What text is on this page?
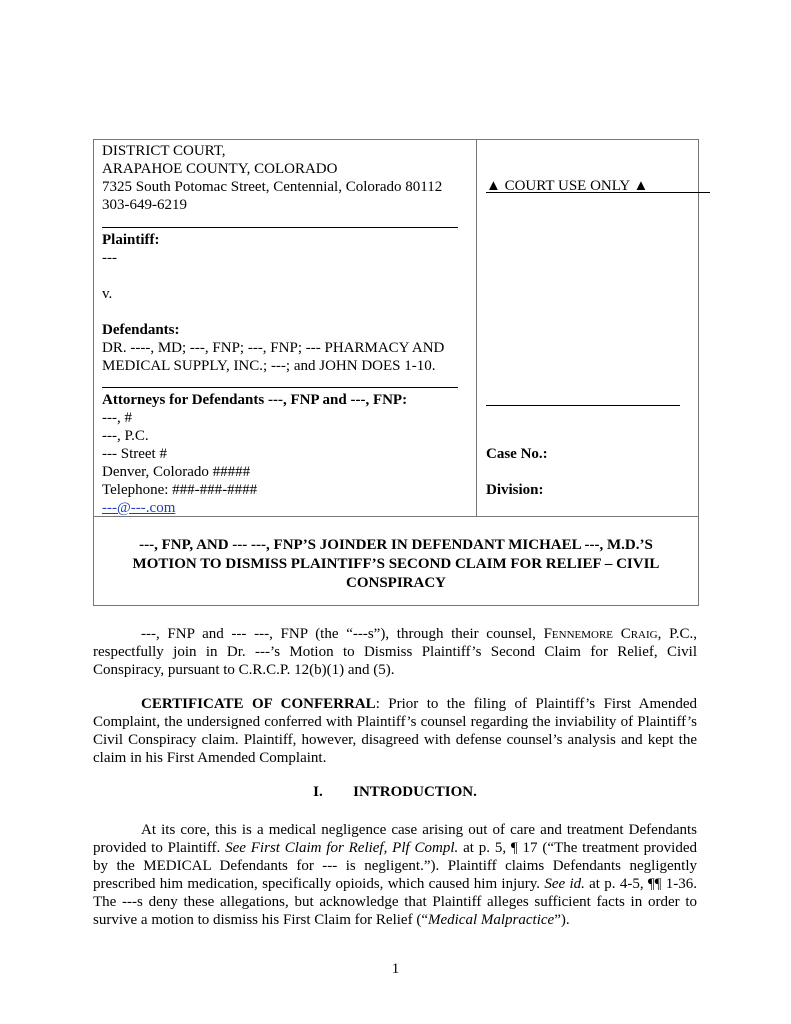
DISTRICT COURT,
ARAPAHOE COUNTY, COLORADO
7325 South Potomac Street, Centennial, Colorado 80112
303-649-6219
Plaintiff:
---
v.
Defendants:
DR. ----, MD; ---, FNP; ---, FNP; --- PHARMACY AND
MEDICAL SUPPLY, INC.; ---; and JOHN DOES 1-10.
Attorneys for Defendants ---, FNP and ---, FNP:
---, #
---, P.C.
--- Street #
Denver, Colorado #####
Telephone: ###-###-####
---@---.com
▲ COURT USE ONLY ▲
Case No.:
Division:
---, FNP, AND --- ---, FNP’S JOINDER IN DEFENDANT MICHAEL ---, M.D.’S
MOTION TO DISMISS PLAINTIFF’S SECOND CLAIM FOR RELIEF – CIVIL
CONSPIRACY
---, FNP and --- ---, FNP (the “---s”), through their counsel, Fennemore Craig, P.C., respectfully join in Dr. ---’s Motion to Dismiss Plaintiff’s Second Claim for Relief, Civil Conspiracy, pursuant to C.R.C.P. 12(b)(1) and (5).
CERTIFICATE OF CONFERRAL: Prior to the filing of Plaintiff’s First Amended Complaint, the undersigned conferred with Plaintiff’s counsel regarding the inviability of Plaintiff’s Civil Conspiracy claim. Plaintiff, however, disagreed with defense counsel’s analysis and kept the claim in his First Amended Complaint.
I. INTRODUCTION.
At its core, this is a medical negligence case arising out of care and treatment Defendants provided to Plaintiff. See First Claim for Relief, Plf Compl. at p. 5, ¶ 17 (“The treatment provided by the MEDICAL Defendants for --- is negligent.”). Plaintiff claims Defendants negligently prescribed him medication, specifically opioids, which caused him injury. See id. at p. 4-5, ¶¶ 1-36. The ---s deny these allegations, but acknowledge that Plaintiff alleges sufficient facts in order to survive a motion to dismiss his First Claim for Relief (“Medical Malpractice”).
1
